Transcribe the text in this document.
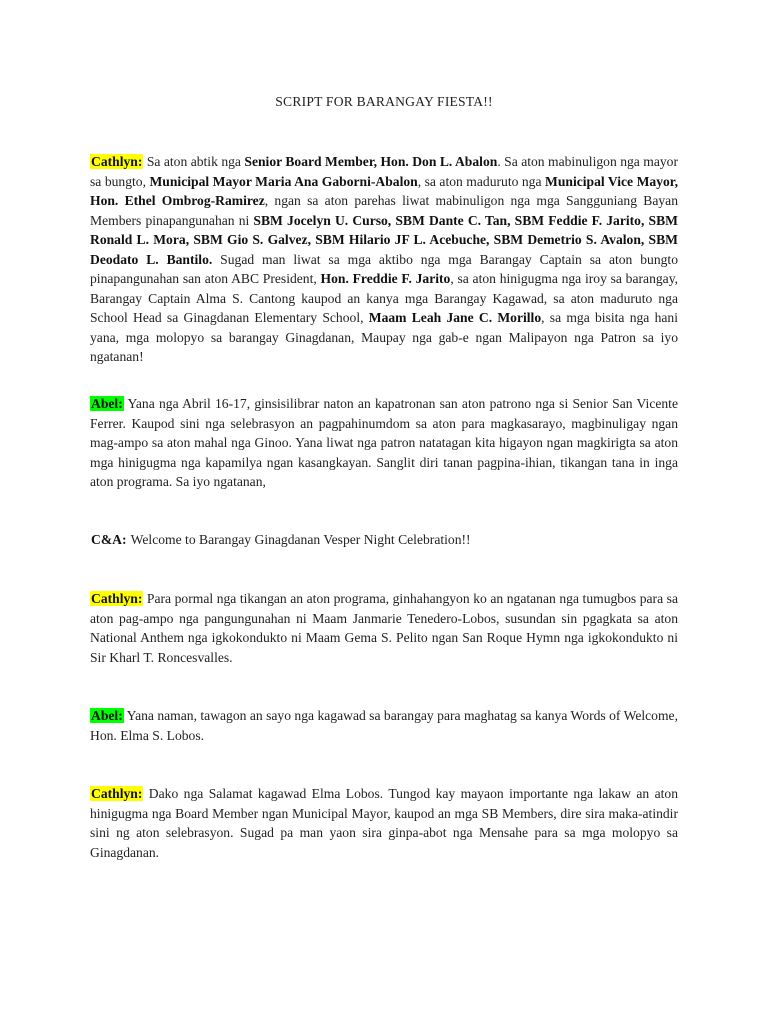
SCRIPT FOR BARANGAY FIESTA!!
Cathlyn: Sa aton abtik nga Senior Board Member, Hon. Don L. Abalon. Sa aton mabinuligon nga mayor sa bungto, Municipal Mayor Maria Ana Gaborni-Abalon, sa aton maduruto nga Municipal Vice Mayor, Hon. Ethel Ombrog-Ramirez, ngan sa aton parehas liwat mabinuligon nga mga Sangguniang Bayan Members pinapangunahan ni SBM Jocelyn U. Curso, SBM Dante C. Tan, SBM Feddie F. Jarito, SBM Ronald L. Mora, SBM Gio S. Galvez, SBM Hilario JF L. Acebuche, SBM Demetrio S. Avalon, SBM Deodato L. Bantilo. Sugad man liwat sa mga aktibo nga mga Barangay Captain sa aton bungto pinapangunahan san aton ABC President, Hon. Freddie F. Jarito, sa aton hinigugma nga iroy sa barangay, Barangay Captain Alma S. Cantong kaupod an kanya mga Barangay Kagawad, sa aton maduruto nga School Head sa Ginagdanan Elementary School, Maam Leah Jane C. Morillo, sa mga bisita nga hani yana, mga molopyo sa barangay Ginagdanan, Maupay nga gab-e ngan Malipayon nga Patron sa iyo ngatanan!
Abel: Yana nga Abril 16-17, ginsisilibrar naton an kapatronan san aton patrono nga si Senior San Vicente Ferrer. Kaupod sini nga selebrasyon an pagpahinumdom sa aton para magkasarayo, magbinuligay ngan mag-ampo sa aton mahal nga Ginoo. Yana liwat nga patron natatagan kita higayon ngan magkirigta sa aton mga hinigugma nga kapamilya ngan kasangkayan. Sanglit diri tanan pagpina-ihian, tikangan tana in inga aton programa. Sa iyo ngatanan,
C&A: Welcome to Barangay Ginagdanan Vesper Night Celebration!!
Cathlyn: Para pormal nga tikangan an aton programa, ginhahangyon ko an ngatanan nga tumugbos para sa aton pag-ampo nga pangungunahan ni Maam Janmarie Tenedero-Lobos, susundan sin pgagkata sa aton National Anthem nga igkokondukto ni Maam Gema S. Pelito ngan San Roque Hymn nga igkokondukto ni Sir Kharl T. Roncesvalles.
Abel: Yana naman, tawagon an sayo nga kagawad sa barangay para maghatag sa kanya Words of Welcome, Hon. Elma S. Lobos.
Cathlyn: Dako nga Salamat kagawad Elma Lobos. Tungod kay mayaon importante nga lakaw an aton hinigugma nga Board Member ngan Municipal Mayor, kaupod an mga SB Members, dire sira maka-atindir sini ng aton selebrasyon. Sugad pa man yaon sira ginpa-abot nga Mensahe para sa mga molopyo sa Ginagdanan.
